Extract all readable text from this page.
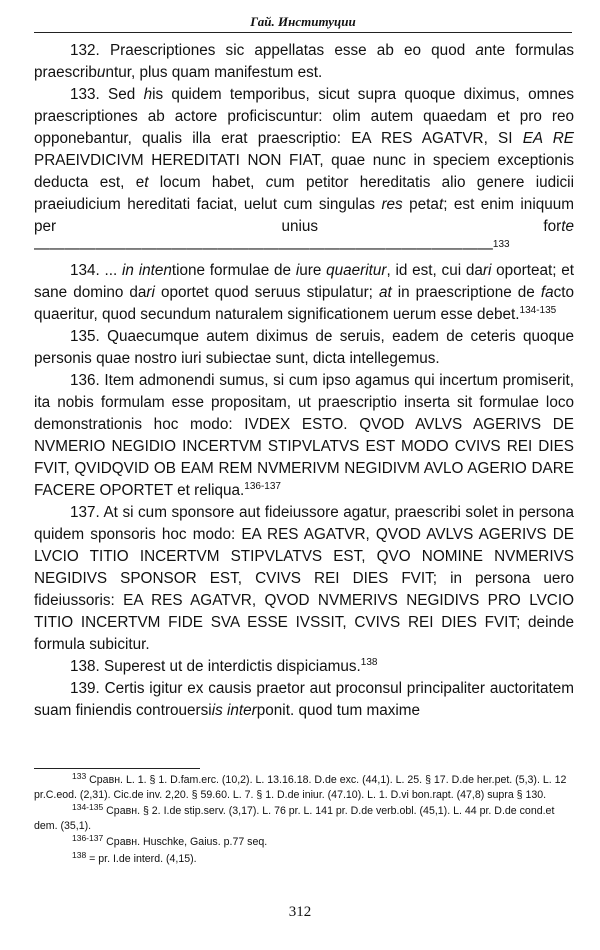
Гай. Институции

132. Praescriptiones sic appellatas esse ab eo quod ante formulas praescribuntur, plus quam manifestum est.

133. Sed his quidem temporibus, sicut supra quoque diximus, omnes praescriptiones ab actore proficiscuntur: olim autem quaedam et pro reo opponebantur, qualis illa erat praescriptio: EA RES AGATVR, SI EA RE PRAEIVDICIVM HEREDITATI NON FIAT, quae nunc in speciem exceptionis deducta est, et locum habet, cum petitor hereditatis alio genere iudicii praeiudicium hereditati faciat, uelut cum singulas res petat; est enim iniquum per unius forte ——————————————————————————————$^{133}$

134. ... in intentione formulae de iure quaeritur, id est, cui dari oporteat; et sane domino dari oportet quod seruus stipulatur; at in praescriptione de facto quaeritur, quod secundum naturalem significationem uerum esse debet.$^{134-135}$

135. Quaecumque autem diximus de seruis, eadem de ceteris quoque personis quae nostro iuri subiectae sunt, dicta intellegemus.

136. Item admonendi sumus, si cum ipso agamus qui incertum promiserit, ita nobis formulam esse propositam, ut praescriptio inserta sit formulae loco demonstrationis hoc modo: IVDEX ESTO. QVOD AVLVS AGERIVS DE NVMERIO NEGIDIO INCERTVM STIPVLATVS EST MODO CVIVS REI DIES FVIT, QVIDQVID OB EAM REM NVMERIVM NEGIDIVM AVLO AGERIO DARE FACERE OPORTET et reliqua.$^{136-137}$

137. At si cum sponsore aut fideiussore agatur, praescribi solet in persona quidem sponsoris hoc modo: EA RES AGATVR, QVOD AVLVS AGERIVS DE LVCIO TITIO INCERTVM STIPVLATVS EST, QVO NOMINE NVMERIVS NEGIDIVS SPONSOR EST, CVIVS REI DIES FVIT; in persona uero fideiussoris: EA RES AGATVR, QVOD NVMERIVS NEGIDIVS PRO LVCIO TITIO INCERTVM FIDE SVA ESSE IVSSIT, CVIVS REI DIES FVIT; deinde formula subicitur.

138. Superest ut de interdictis dispiciamus.$^{138}$

139. Certis igitur ex causis praetor aut proconsul principaliter auctoritatem suam finiendis controuersiis interponit. quod tum maxime

$^{133}$ Сравн. L. 1. § 1. D.fam.erc. (10,2). L. 13.16.18. D.de exc. (44,1). L. 25. § 17. D.de her.pet. (5,3). L. 12 pr.C.eod. (2,31). Cic.de inv. 2,20. § 59.60. L. 7. § 1. D.de iniur. (47.10). L. 1. D.vi bon.rapt. (47,8) supra § 130.

$^{134-135}$ Сравн. § 2. I.de stip.serv. (3,17). L. 76 pr. L. 141 pr. D.de verb.obl. (45,1). L. 44 pr. D.de cond.et dem. (35,1).

$^{136-137}$ Сравн. Huschke, Gaius. p.77 seq.

$^{138}$ = pr. I.de interd. (4,15).

312
